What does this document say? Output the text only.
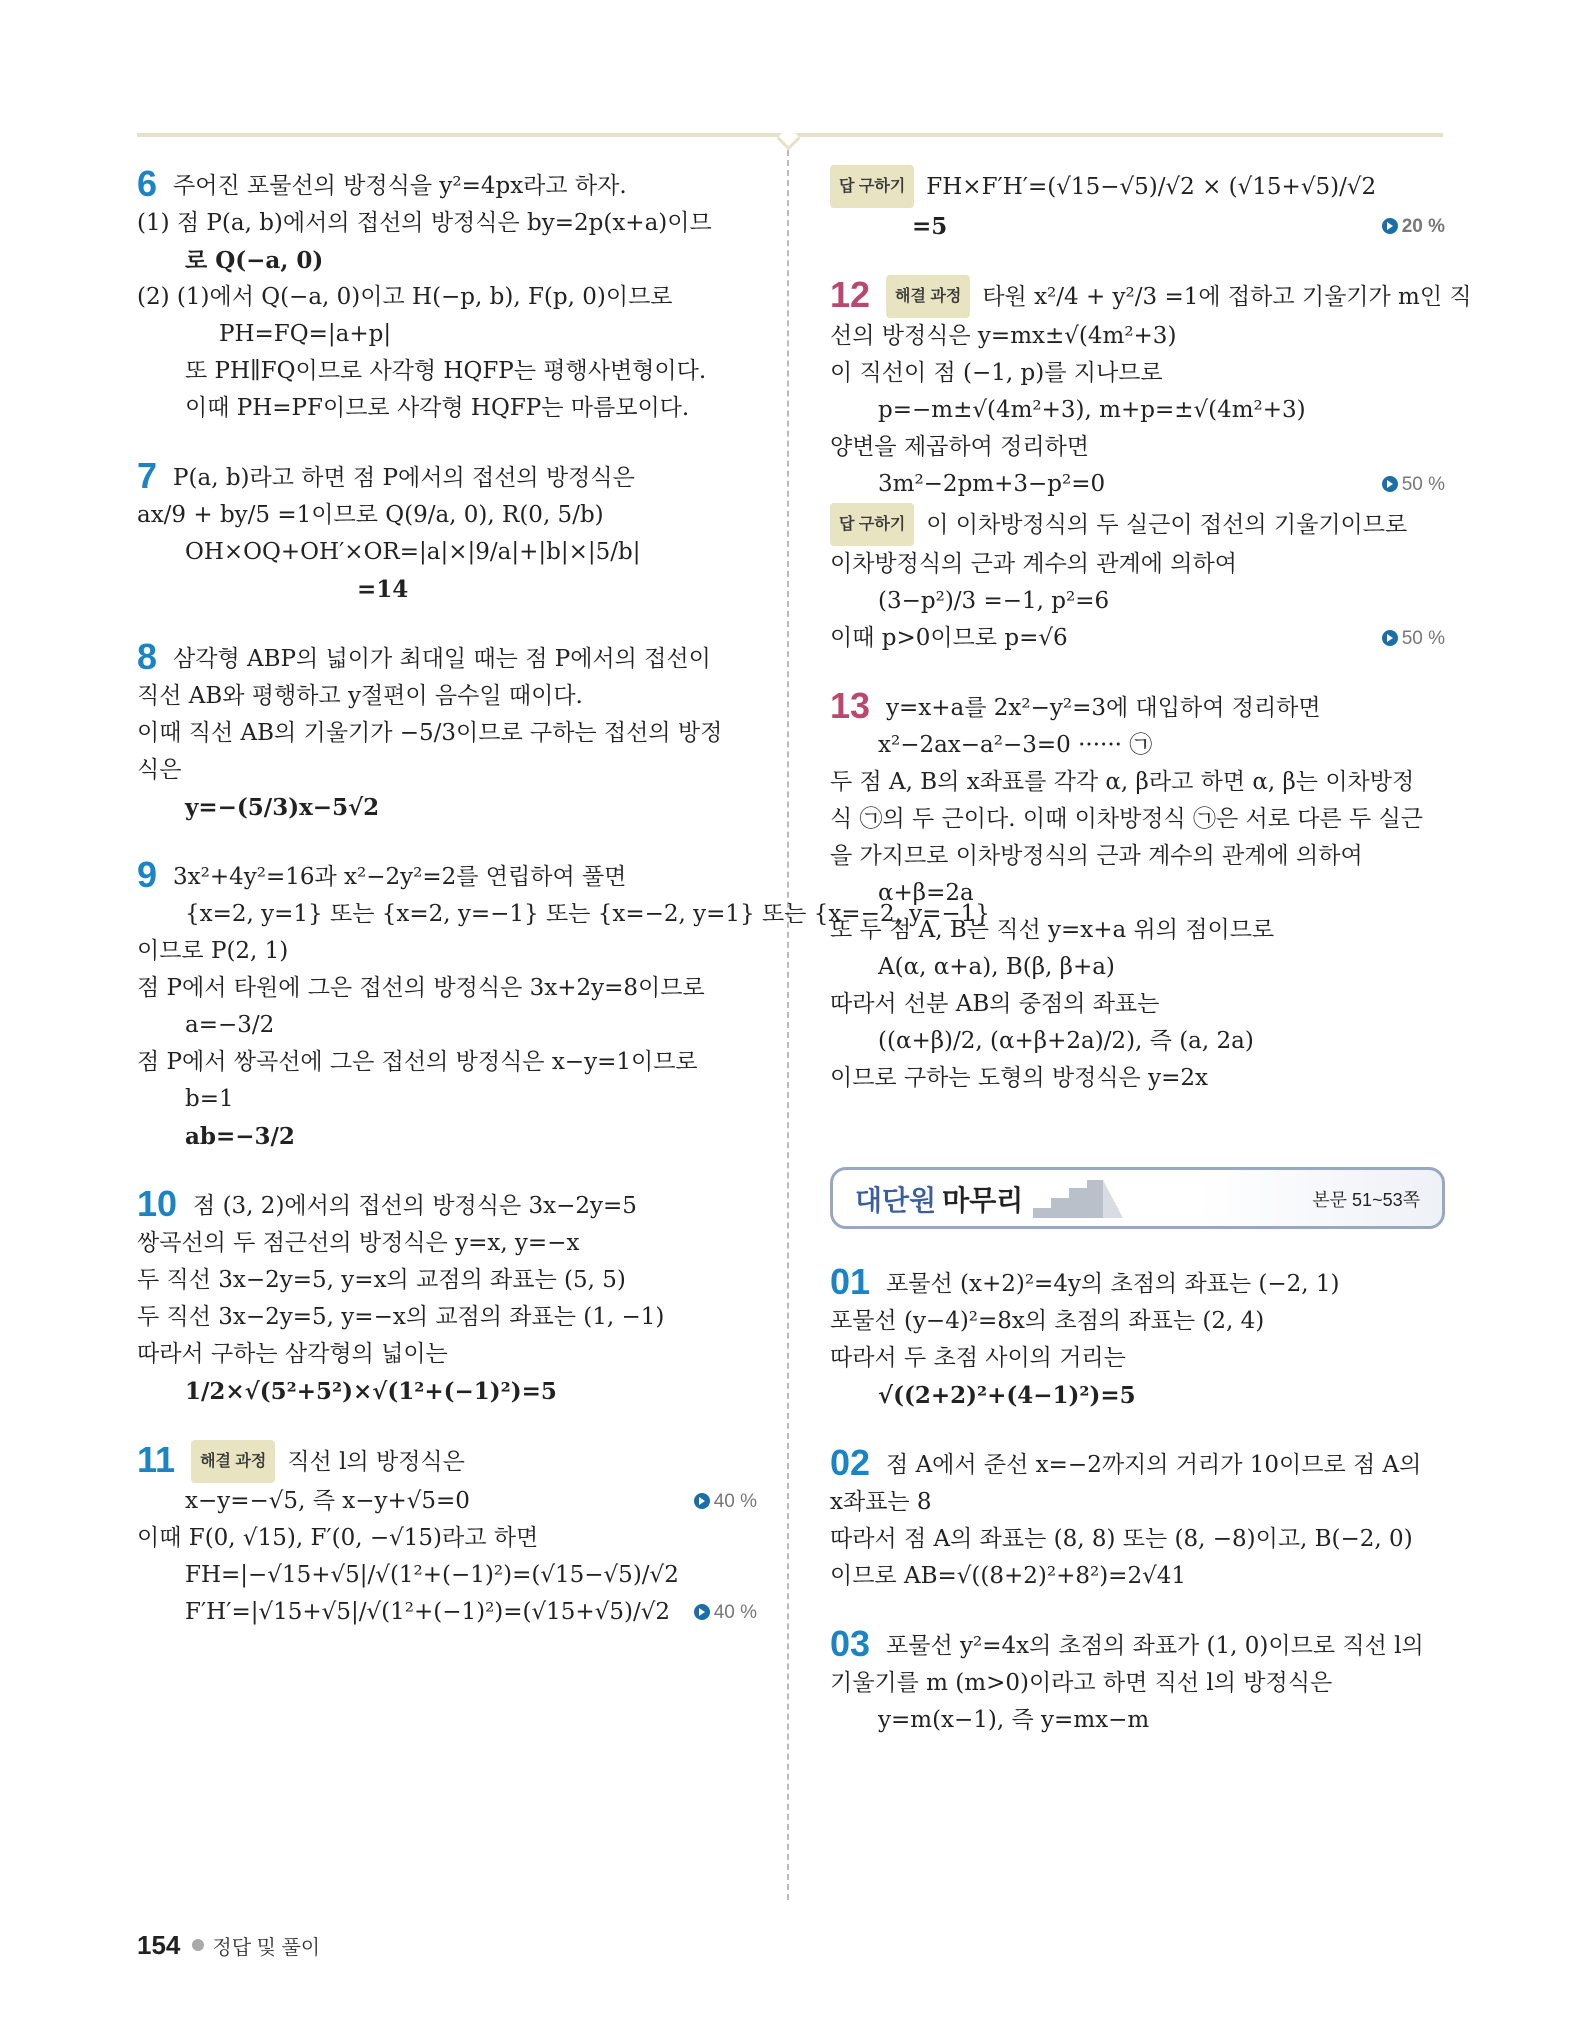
6 주어진 포물선의 방정식을 y²=4px라고 하자.
(1) 점 P(a, b)에서의 접선의 방정식은 by=2p(x+a)이므
로 Q(−a, 0)
(2) (1)에서 Q(−a, 0)이고 H(−p, b), F(p, 0)이므로
PH=FQ=|a+p|
또 PH∥FQ이므로 사각형 HQFP는 평행사변형이다.
이때 PH=PF이므로 사각형 HQFP는 마름모이다.
7 P(a, b)라고 하면 점 P에서의 접선의 방정식은
ax/9 + by/5 =1이므로 Q(9/a, 0), R(0, 5/b)
OH×OQ+OH′×OR=|a|×|9/a|+|b|×|5/b|
=14
8 삼각형 ABP의 넓이가 최대일 때는 점 P에서의 접선이
직선 AB와 평행하고 y절편이 음수일 때이다.
이때 직선 AB의 기울기가 −5/3이므로 구하는 접선의 방정
식은
y=−(5/3)x−5√2
9 3x²+4y²=16과 x²−2y²=2를 연립하여 풀면
{x=2, y=1} 또는 {x=2, y=−1} 또는 {x=−2, y=1} 또는 {x=−2, y=−1}
이므로 P(2, 1)
점 P에서 타원에 그은 접선의 방정식은 3x+2y=8이므로
a=−3/2
점 P에서 쌍곡선에 그은 접선의 방정식은 x−y=1이므로
b=1
ab=−3/2
10 점 (3, 2)에서의 접선의 방정식은 3x−2y=5
쌍곡선의 두 점근선의 방정식은 y=x, y=−x
두 직선 3x−2y=5, y=x의 교점의 좌표는 (5, 5)
두 직선 3x−2y=5, y=−x의 교점의 좌표는 (1, −1)
따라서 구하는 삼각형의 넓이는
1/2×√(5²+5²)×√(1²+(−1)²)=5
11 해결 과정 직선 l의 방정식은
x−y=−√5, 즉 x−y+√5=0	40 %
이때 F(0, √15), F′(0, −√15)라고 하면
FH=|−√15+√5|/√(1²+(−1)²)=(√15−√5)/√2
F′H′=|√15+√5|/√(1²+(−1)²)=(√15+√5)/√2	40 %
답 구하기 FH×F′H′=(√15−√5)/√2 × (√15+√5)/√2
=5	20 %
12 해결 과정 타원 x²/4 + y²/3 =1에 접하고 기울기가 m인 직
선의 방정식은 y=mx±√(4m²+3)
이 직선이 점 (−1, p)를 지나므로
p=−m±√(4m²+3), m+p=±√(4m²+3)
양변을 제곱하여 정리하면
3m²−2pm+3−p²=0	50 %
답 구하기 이 이차방정식의 두 실근이 접선의 기울기이므로
이차방정식의 근과 계수의 관계에 의하여
(3−p²)/3 =−1, p²=6
이때 p>0이므로 p=√6	50 %
13 y=x+a를 2x²−y²=3에 대입하여 정리하면
x²−2ax−a²−3=0 ······ ㉠
두 점 A, B의 x좌표를 각각 α, β라고 하면 α, β는 이차방정
식 ㉠의 두 근이다. 이때 이차방정식 ㉠은 서로 다른 두 실근
을 가지므로 이차방정식의 근과 계수의 관계에 의하여
α+β=2a
또 두 점 A, B는 직선 y=x+a 위의 점이므로
A(α, α+a), B(β, β+a)
따라서 선분 AB의 중점의 좌표는
((α+β)/2, (α+β+2a)/2), 즉 (a, 2a)
이므로 구하는 도형의 방정식은 y=2x
대단원 마무리	본문 51~53쪽
01 포물선 (x+2)²=4y의 초점의 좌표는 (−2, 1)
포물선 (y−4)²=8x의 초점의 좌표는 (2, 4)
따라서 두 초점 사이의 거리는
√((2+2)²+(4−1)²)=5
02 점 A에서 준선 x=−2까지의 거리가 10이므로 점 A의
x좌표는 8
따라서 점 A의 좌표는 (8, 8) 또는 (8, −8)이고, B(−2, 0)
이므로 AB=√((8+2)²+8²)=2√41
03 포물선 y²=4x의 초점의 좌표가 (1, 0)이므로 직선 l의
기울기를 m (m>0)이라고 하면 직선 l의 방정식은
y=m(x−1), 즉 y=mx−m
154 정답 및 풀이
